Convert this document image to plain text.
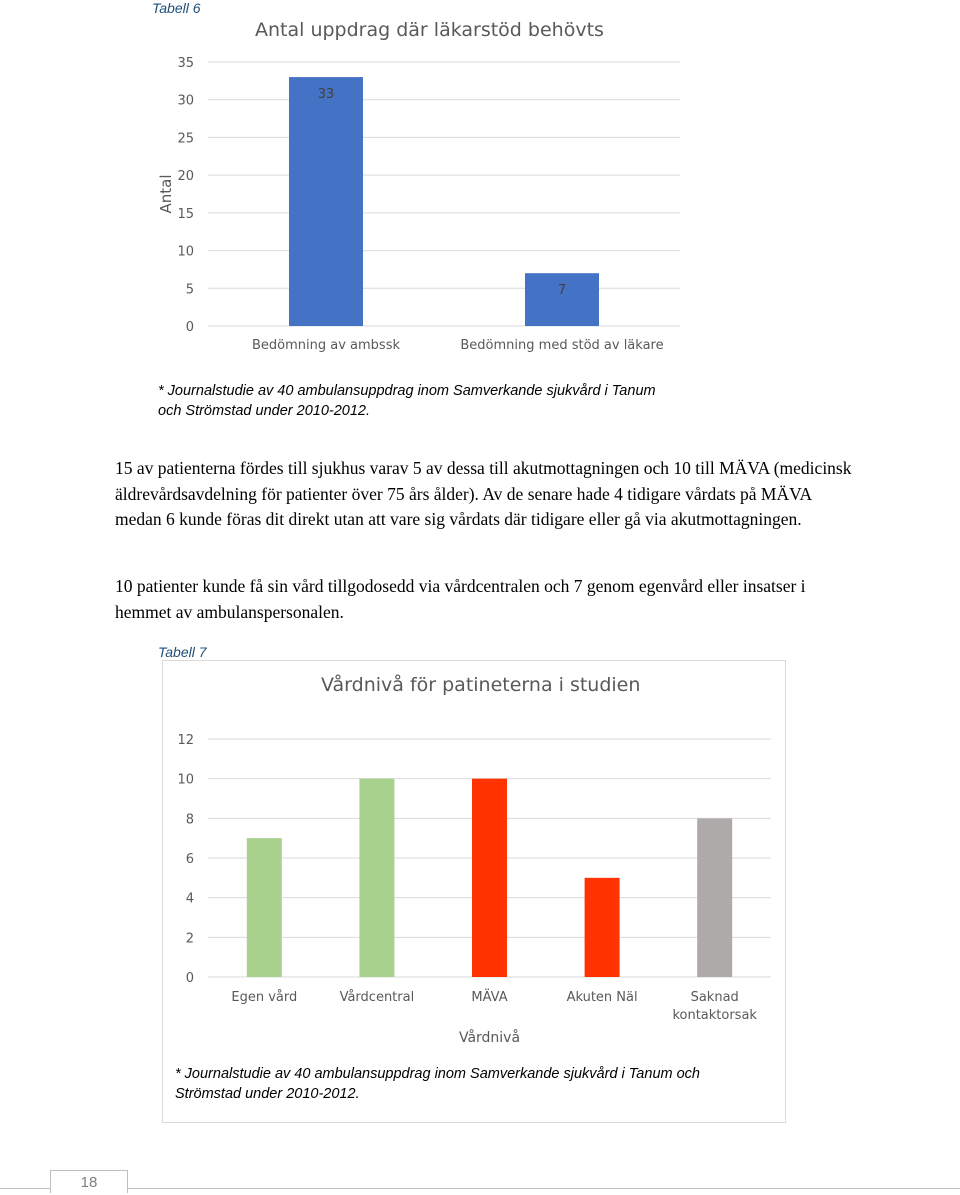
Tabell 6
Antal uppdrag där läkarstöd behövts
0
5
10
15
20
25
30
35
Antal
33
Bedömning av ambssk
7
Bedömning med stöd av läkare
* Journalstudie av 40 ambulansuppdrag inom Samverkande sjukvård i Tanum
och Strömstad under 2010-2012.

15 av patienterna fördes till sjukhus varav 5 av dessa till akutmottagningen och 10 till MÄVA (medicinsk äldrevårdsavdelning för patienter över 75 års ålder). Av de senare hade 4 tidigare vårdats på MÄVA medan 6 kunde föras dit direkt utan att vare sig vårdats där tidigare eller gå via akutmottagningen.

10 patienter kunde få sin vård tillgodosedd via vårdcentralen och 7 genom egenvård eller insatser i hemmet av ambulanspersonalen.

Tabell 7
Vårdnivå för patineterna i studien
0
2
4
6
8
10
12
Egen vård	Vårdcentral	MÄVA	Akuten Näl	Saknad
kontaktorsak
Vårdnivå
* Journalstudie av 40 ambulansuppdrag inom Samverkande sjukvård i Tanum och
Strömstad under 2010-2012.
18
